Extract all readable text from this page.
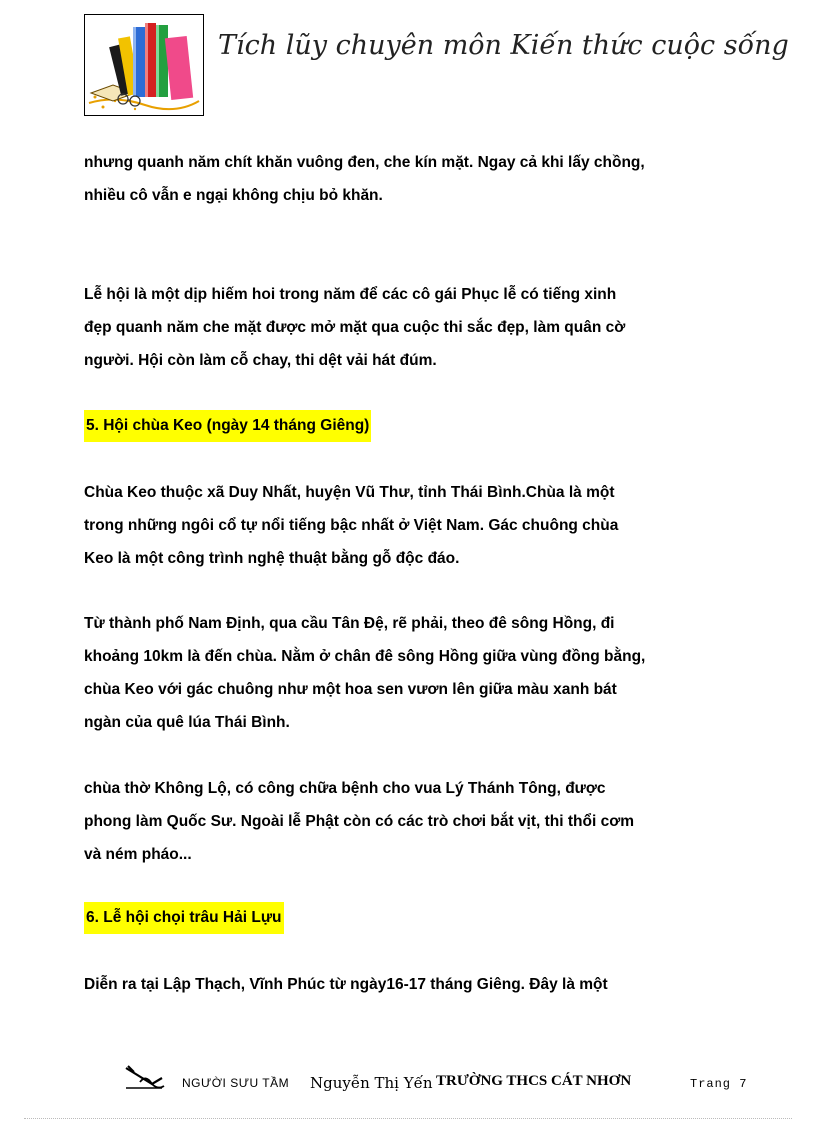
Tích lũy chuyên môn Kiến thức cuộc sống

nhưng quanh năm chít khăn vuông đen, che kín mặt. Ngay cả khi lấy chồng,

nhiều cô vẫn e ngại không chịu bỏ khăn.

Lễ hội là một dịp hiếm hoi trong năm để các cô gái Phục lễ có tiếng xinh

đẹp quanh năm che mặt được mở mặt qua cuộc thi sắc đẹp, làm quân cờ

người. Hội còn làm cỗ chay, thi dệt vải hát đúm.

5. Hội chùa Keo (ngày 14 tháng Giêng)

Chùa Keo thuộc xã Duy Nhất, huyện Vũ Thư, tỉnh Thái Bình.Chùa là một

trong những ngôi cổ tự nổi tiếng bậc nhất ở Việt Nam. Gác chuông chùa

Keo là một công trình nghệ thuật bằng gỗ độc đáo.

Từ thành phố Nam Định, qua cầu Tân Đệ, rẽ phải, theo đê sông Hồng, đi

khoảng 10km là đến chùa. Nằm ở chân đê sông Hồng giữa vùng đồng bằng,

chùa Keo với gác chuông như một hoa sen vươn lên giữa màu xanh bát

ngàn của quê lúa Thái Bình.

chùa thờ Không Lộ, có công chữa bệnh cho vua Lý Thánh Tông, được

phong làm Quốc Sư. Ngoài lễ Phật còn có các trò chơi bắt vịt, thi thổi cơm

và ném pháo...

6. Lễ hội chọi trâu Hải Lựu

Diễn ra tại Lập Thạch, Vĩnh Phúc từ ngày16-17 tháng Giêng. Đây là một

NGƯỜI SƯU TẦM Nguyễn Thị Yến TRƯỜNG THCS CÁT NHƠN	Trang 7
